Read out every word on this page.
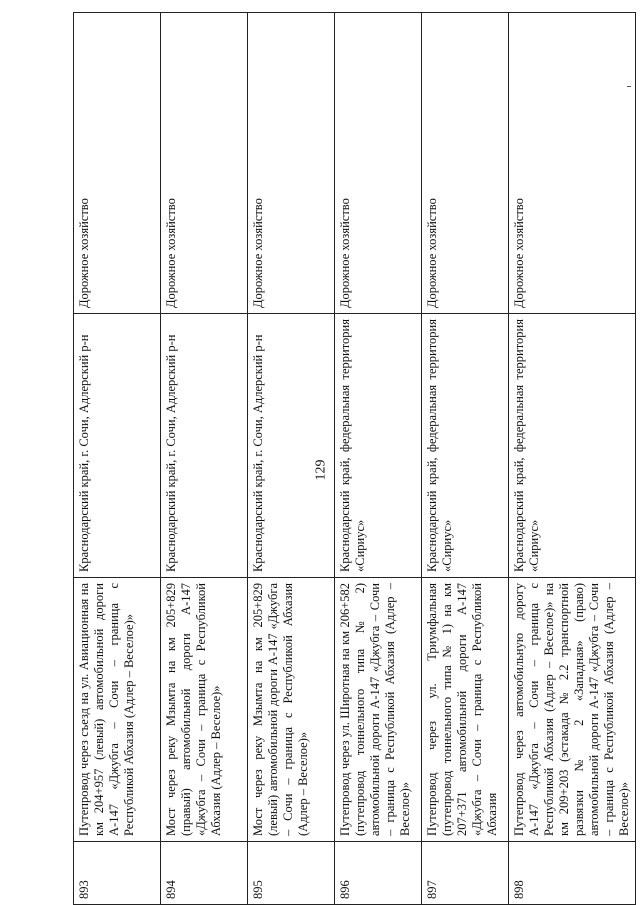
129
893	Путепровод через съезд на ул. Авиационная на км 204+957 (левый) автомобильной дороги А-147 «Джубга – Сочи – граница с Республикой Абхазия (Адлер – Веселое)»	Краснодарский край, г. Сочи, Адлерский р-н	Дорожное хозяйство
894	Мост через реку Мзымта на км 205+829 (правый) автомобильной дороги А-147 «Джубга – Сочи – граница с Республикой Абхазия (Адлер – Веселое)»	Краснодарский край, г. Сочи, Адлерский р-н	Дорожное хозяйство
895	Мост через реку Мзымта на км 205+829 (левый) автомобильной дороги А-147 «Джубга – Сочи – граница с Республикой Абхазия (Адлер – Веселое)»	Краснодарский край, г. Сочи, Адлерский р-н	Дорожное хозяйство
896	Путепровод через ул. Широтная на км 206+582 (путепровод тоннельного типа № 2) автомобильной дороги А-147 «Джубга – Сочи – граница с Республикой Абхазия (Адлер – Веселое)»	Краснодарский край, федеральная территория «Сириус»	Дорожное хозяйство
897	Путепровод через ул. Триумфальная (путепровод тоннельного типа № 1) на км 207+371 автомобильной дороги А-147 «Джубга – Сочи – граница с Республикой Абхазия	Краснодарский край, федеральная территория «Сириус»	Дорожное хозяйство
898	Путепровод через автомобильную дорогу А-147 «Джубга – Сочи – граница с Республикой Абхазия (Адлер – Веселое)» на км 209+203 (эстакада № 2.2 транспортной развязки № 2 «Западная» (право) автомобильной дороги А-147 «Джубга – Сочи – граница с Республикой Абхазия (Адлер – Веселое)»	Краснодарский край, федеральная территория «Сириус»	Дорожное хозяйство
